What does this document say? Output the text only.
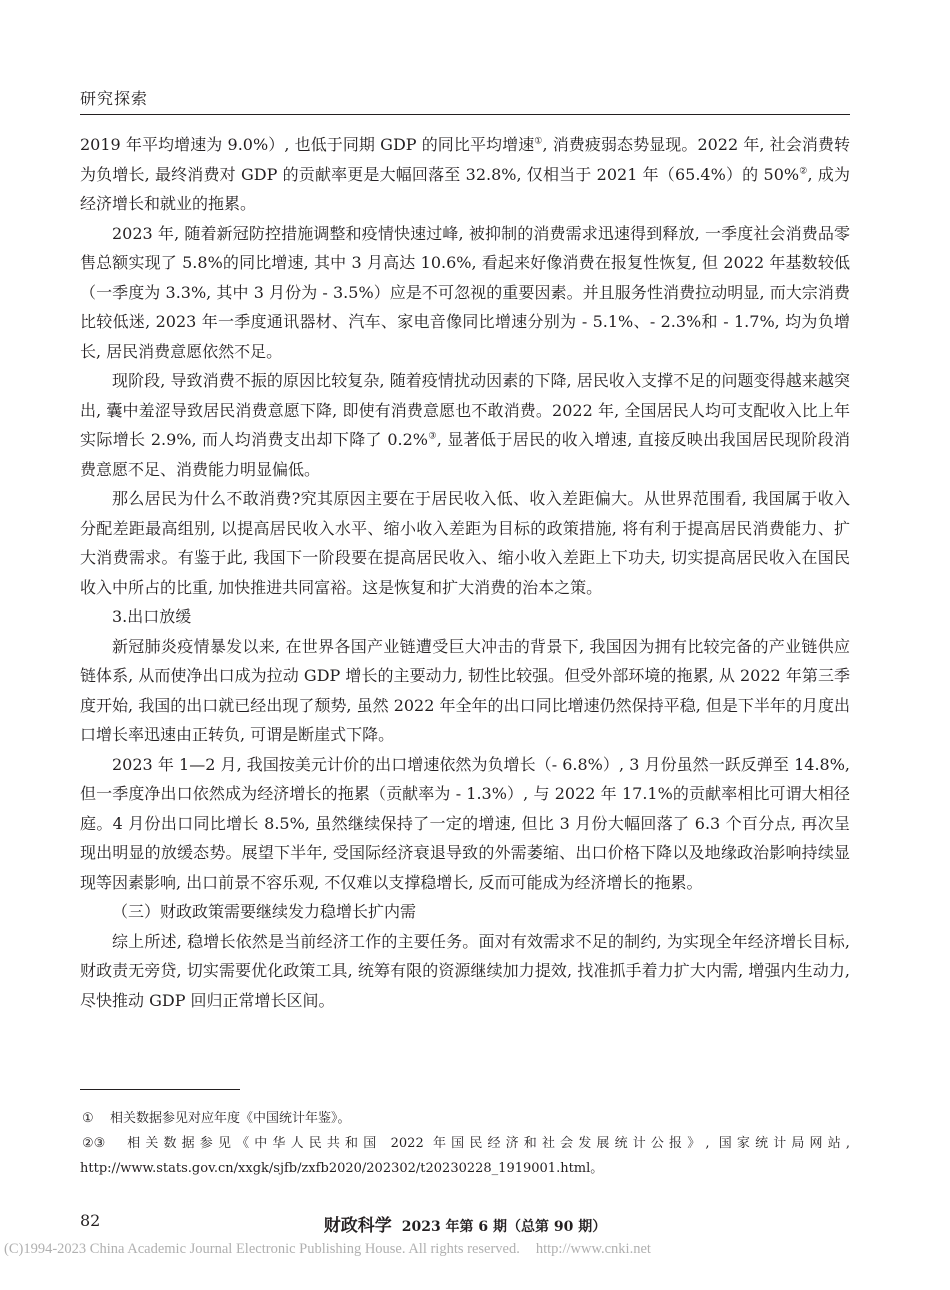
研究探索

2019 年平均增速为 9.0%）, 也低于同期 GDP 的同比平均增速①, 消费疲弱态势显现。2022 年, 社会消费转为负增长, 最终消费对 GDP 的贡献率更是大幅回落至 32.8%, 仅相当于 2021 年（65.4%）的 50%②, 成为经济增长和就业的拖累。

2023 年, 随着新冠防控措施调整和疫情快速过峰, 被抑制的消费需求迅速得到释放, 一季度社会消费品零售总额实现了 5.8%的同比增速, 其中 3 月高达 10.6%, 看起来好像消费在报复性恢复, 但 2022 年基数较低（一季度为 3.3%, 其中 3 月份为 - 3.5%）应是不可忽视的重要因素。并且服务性消费拉动明显, 而大宗消费比较低迷, 2023 年一季度通讯器材、汽车、家电音像同比增速分别为 - 5.1%、- 2.3%和 - 1.7%, 均为负增长, 居民消费意愿依然不足。

现阶段, 导致消费不振的原因比较复杂, 随着疫情扰动因素的下降, 居民收入支撑不足的问题变得越来越突出, 囊中羞涩导致居民消费意愿下降, 即使有消费意愿也不敢消费。2022 年, 全国居民人均可支配收入比上年实际增长 2.9%, 而人均消费支出却下降了 0.2%③, 显著低于居民的收入增速, 直接反映出我国居民现阶段消费意愿不足、消费能力明显偏低。

那么居民为什么不敢消费?究其原因主要在于居民收入低、收入差距偏大。从世界范围看, 我国属于收入分配差距最高组别, 以提高居民收入水平、缩小收入差距为目标的政策措施, 将有利于提高居民消费能力、扩大消费需求。有鉴于此, 我国下一阶段要在提高居民收入、缩小收入差距上下功夫, 切实提高居民收入在国民收入中所占的比重, 加快推进共同富裕。这是恢复和扩大消费的治本之策。

3.出口放缓

新冠肺炎疫情暴发以来, 在世界各国产业链遭受巨大冲击的背景下, 我国因为拥有比较完备的产业链供应链体系, 从而使净出口成为拉动 GDP 增长的主要动力, 韧性比较强。但受外部环境的拖累, 从 2022 年第三季度开始, 我国的出口就已经出现了颓势, 虽然 2022 年全年的出口同比增速仍然保持平稳, 但是下半年的月度出口增长率迅速由正转负, 可谓是断崖式下降。

2023 年 1—2 月, 我国按美元计价的出口增速依然为负增长（- 6.8%）, 3 月份虽然一跃反弹至 14.8%, 但一季度净出口依然成为经济增长的拖累（贡献率为 - 1.3%）, 与 2022 年 17.1%的贡献率相比可谓大相径庭。4 月份出口同比增长 8.5%, 虽然继续保持了一定的增速, 但比 3 月份大幅回落了 6.3 个百分点, 再次呈现出明显的放缓态势。展望下半年, 受国际经济衰退导致的外需萎缩、出口价格下降以及地缘政治影响持续显现等因素影响, 出口前景不容乐观, 不仅难以支撑稳增长, 反而可能成为经济增长的拖累。

（三）财政政策需要继续发力稳增长扩内需

综上所述, 稳增长依然是当前经济工作的主要任务。面对有效需求不足的制约, 为实现全年经济增长目标, 财政责无旁贷, 切实需要优化政策工具, 统筹有限的资源继续加力提效, 找准抓手着力扩大内需, 增强内生动力, 尽快推动 GDP 回归正常增长区间。

① 相关数据参见对应年度《中国统计年鉴》。

②③ 相关数据参见《中华人民共和国 2022 年国民经济和社会发展统计公报》, 国家统计局网站, http://www.stats.gov.cn/xxgk/sjfb/zxfb2020/202302/t20230228_1919001.html。

82	财政科学 2023 年第 6 期（总第 90 期）
(C)1994-2023 China Academic Journal Electronic Publishing House. All rights reserved. http://www.cnki.net
